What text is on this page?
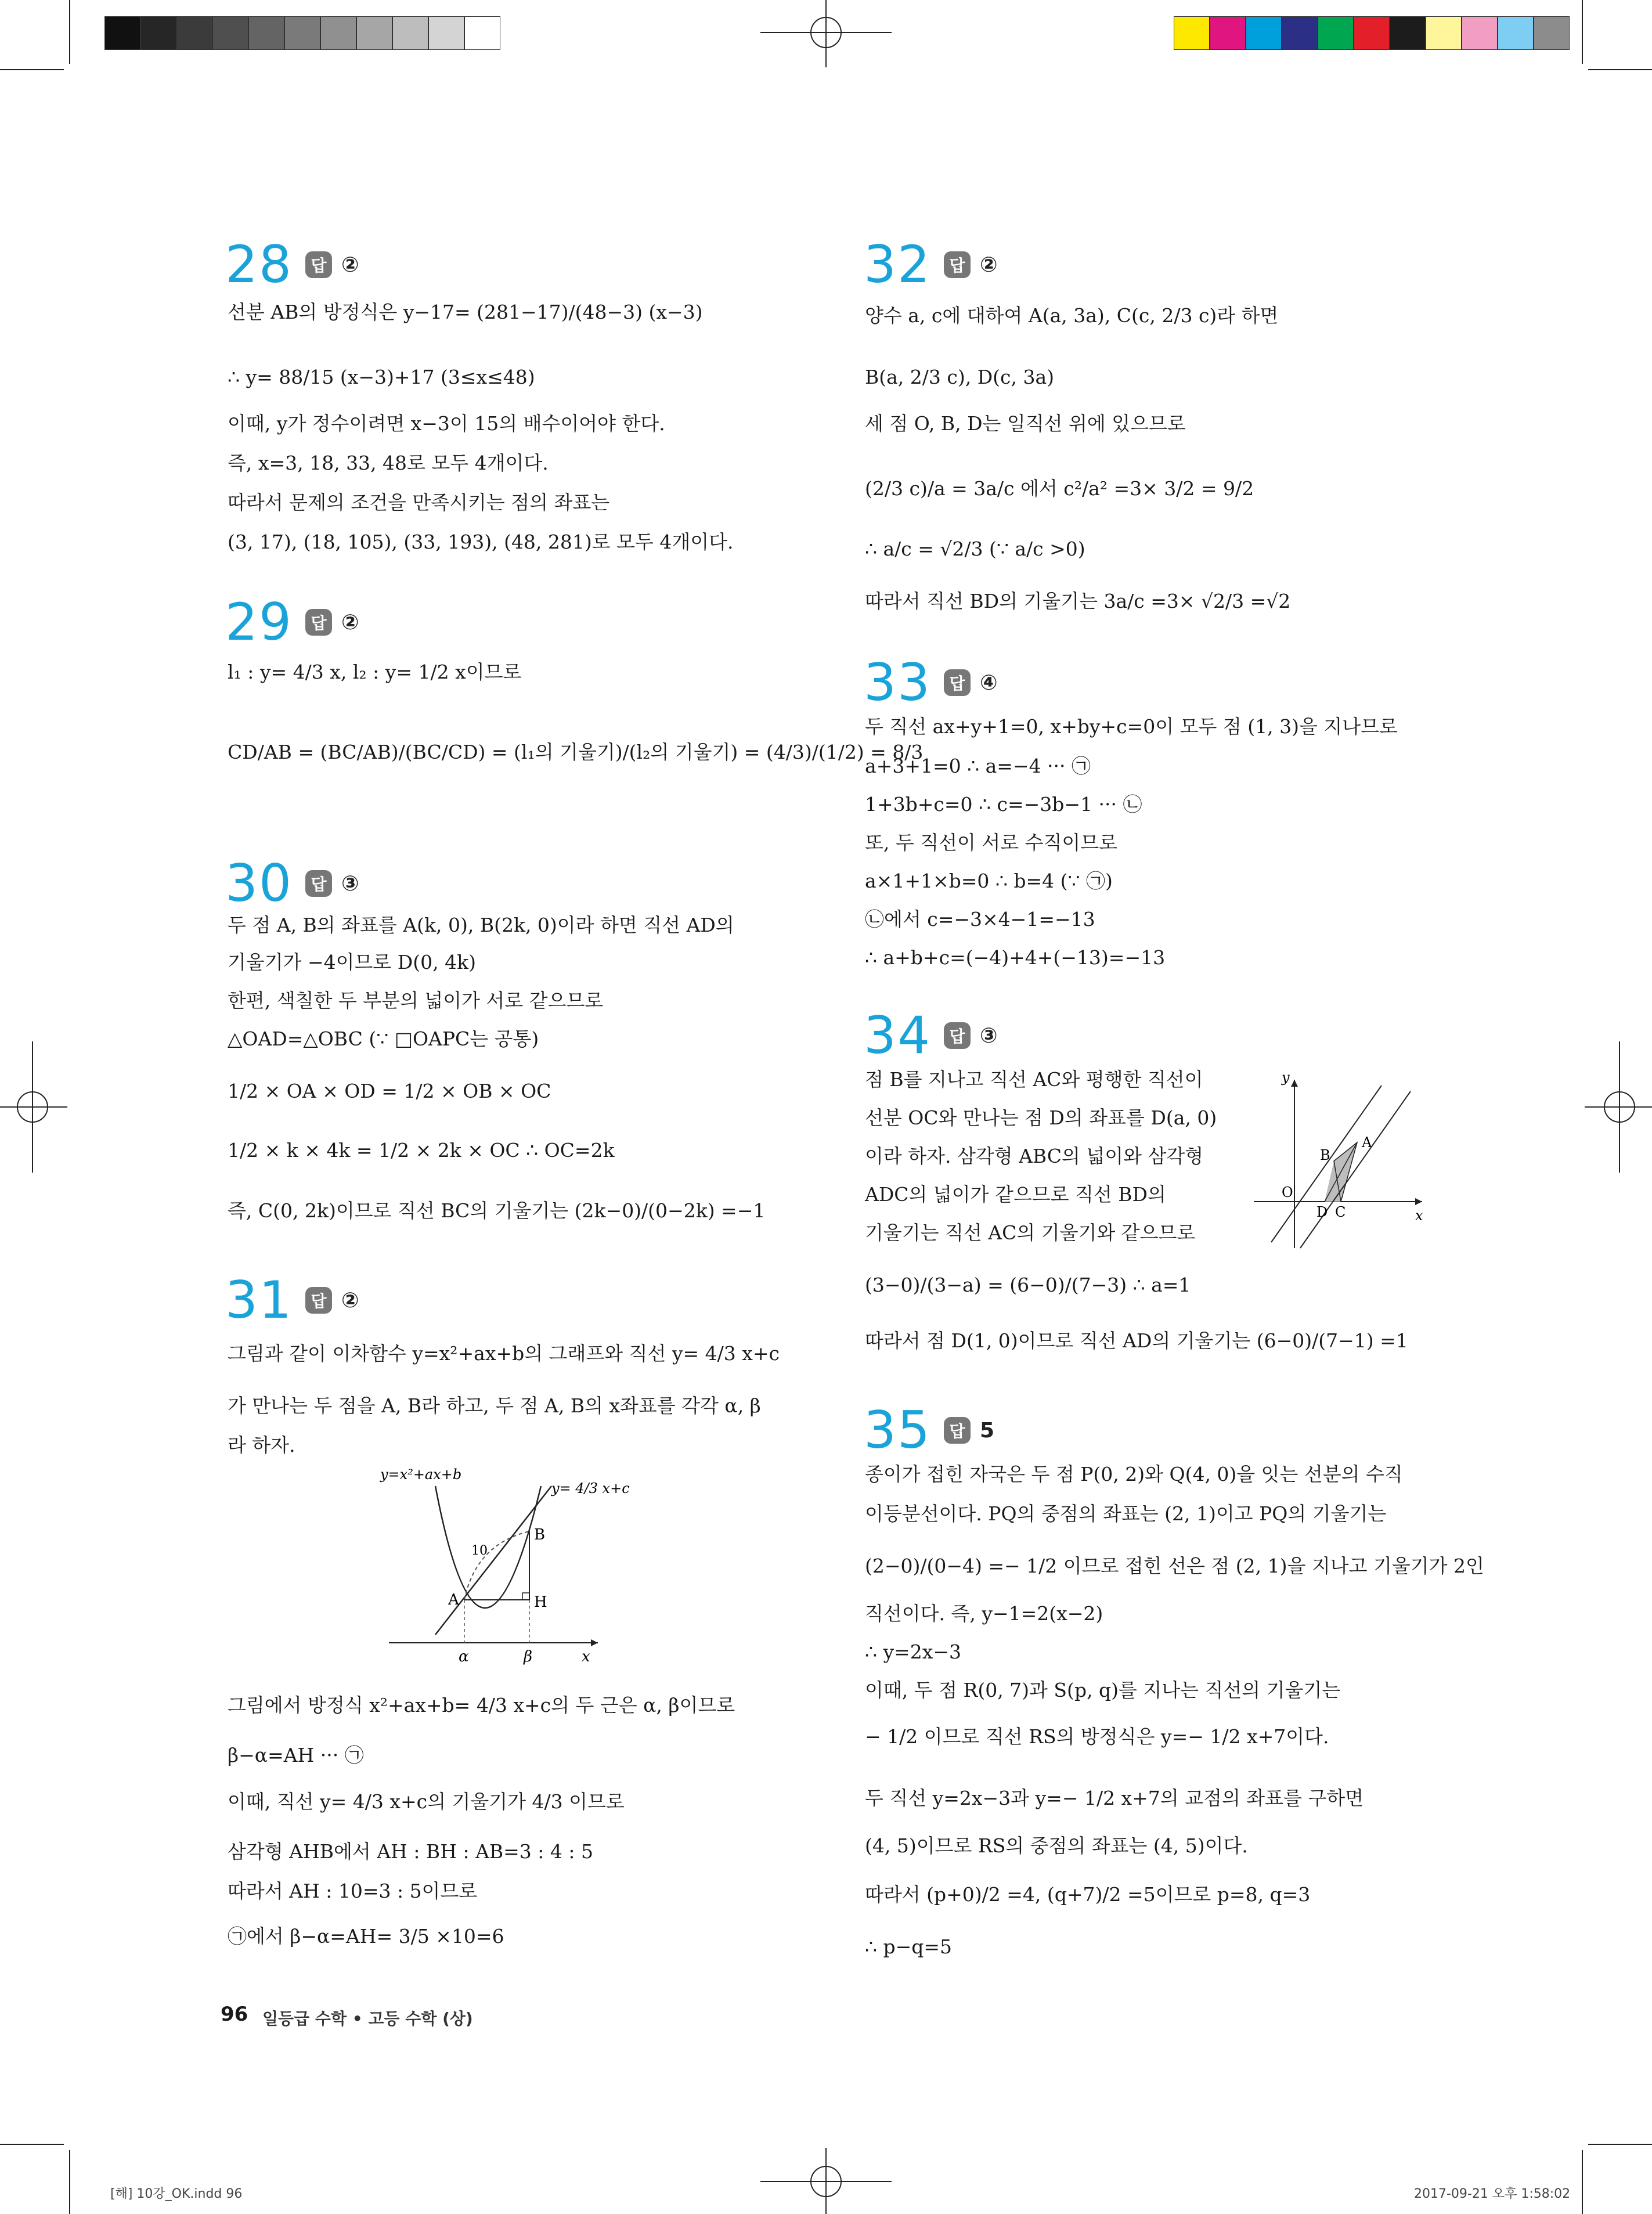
28	답 ②
선분 AB의 방정식은 y−17= (281−17)/(48−3) (x−3)
∴ y= 88/15 (x−3)+17 (3≤x≤48)
이때, y가 정수이려면 x−3이 15의 배수이어야 한다.
즉, x=3, 18, 33, 48로 모두 4개이다.
따라서 문제의 조건을 만족시키는 점의 좌표는
(3, 17), (18, 105), (33, 193), (48, 281)로 모두 4개이다.
29	답 ②
l₁ : y= 4/3 x, l₂ : y= 1/2 x이므로
CD/AB = (BC/AB)/(BC/CD) = (l₁의 기울기)/(l₂의 기울기) = (4/3)/(1/2) = 8/3
30	답 ③
두 점 A, B의 좌표를 A(k, 0), B(2k, 0)이라 하면 직선 AD의
기울기가 −4이므로 D(0, 4k)
한편, 색칠한 두 부분의 넓이가 서로 같으므로
△OAD=△OBC (∵ □OAPC는 공통)
1/2 × OA × OD = 1/2 × OB × OC
1/2 × k × 4k = 1/2 × 2k × OC ∴ OC=2k
즉, C(0, 2k)이므로 직선 BC의 기울기는 (2k−0)/(0−2k) =−1
31	답 ②
그림과 같이 이차함수 y=x²+ax+b의 그래프와 직선 y= 4/3 x+c
가 만나는 두 점을 A, B라 하고, 두 점 A, B의 x좌표를 각각 α, β
라 하자.
y=x²+ax+b
y= 4/3 x+c
B
A	H
10
α	β	x
그림에서 방정식 x²+ax+b= 4/3 x+c의 두 근은 α, β이므로
β−α=AH ··· ㉠
이때, 직선 y= 4/3 x+c의 기울기가 4/3 이므로
삼각형 AHB에서 AH : BH : AB=3 : 4 : 5
따라서 AH : 10=3 : 5이므로
㉠에서 β−α=AH= 3/5 ×10=6
32	답 ②
양수 a, c에 대하여 A(a, 3a), C(c, 2/3 c)라 하면
B(a, 2/3 c), D(c, 3a)
세 점 O, B, D는 일직선 위에 있으므로
(2/3 c)/a = 3a/c 에서 c²/a² =3× 3/2 = 9/2
∴ a/c = √2/3 (∵ a/c >0)
따라서 직선 BD의 기울기는 3a/c =3× √2/3 =√2
33	답 ④
두 직선 ax+y+1=0, x+by+c=0이 모두 점 (1, 3)을 지나므로
a+3+1=0 ∴ a=−4 ··· ㉠
1+3b+c=0 ∴ c=−3b−1 ··· ㉡
또, 두 직선이 서로 수직이므로
a×1+1×b=0 ∴ b=4 (∵ ㉠)
㉡에서 c=−3×4−1=−13
∴ a+b+c=(−4)+4+(−13)=−13
34	답 ③
점 B를 지나고 직선 AC와 평행한 직선이
선분 OC와 만나는 점 D의 좌표를 D(a, 0)
이라 하자. 삼각형 ABC의 넓이와 삼각형
ADC의 넓이가 같으므로 직선 BD의
기울기는 직선 AC의 기울기와 같으므로
(3−0)/(3−a) = (6−0)/(7−3) ∴ a=1
따라서 점 D(1, 0)이므로 직선 AD의 기울기는 (6−0)/(7−1) =1
y
x
O
D C
B
A
35	답 5
종이가 접힌 자국은 두 점 P(0, 2)와 Q(4, 0)을 잇는 선분의 수직
이등분선이다. PQ의 중점의 좌표는 (2, 1)이고 PQ의 기울기는
(2−0)/(0−4) =− 1/2 이므로 접힌 선은 점 (2, 1)을 지나고 기울기가 2인
직선이다. 즉, y−1=2(x−2)
∴ y=2x−3
이때, 두 점 R(0, 7)과 S(p, q)를 지나는 직선의 기울기는
− 1/2 이므로 직선 RS의 방정식은 y=− 1/2 x+7이다.
두 직선 y=2x−3과 y=− 1/2 x+7의 교점의 좌표를 구하면
(4, 5)이므로 RS의 중점의 좌표는 (4, 5)이다.
따라서 (p+0)/2 =4, (q+7)/2 =5이므로 p=8, q=3
∴ p−q=5
96 일등급 수학 • 고등 수학 (상)
[해] 10강_OK.indd 96	2017-09-21 오후 1:58:02
